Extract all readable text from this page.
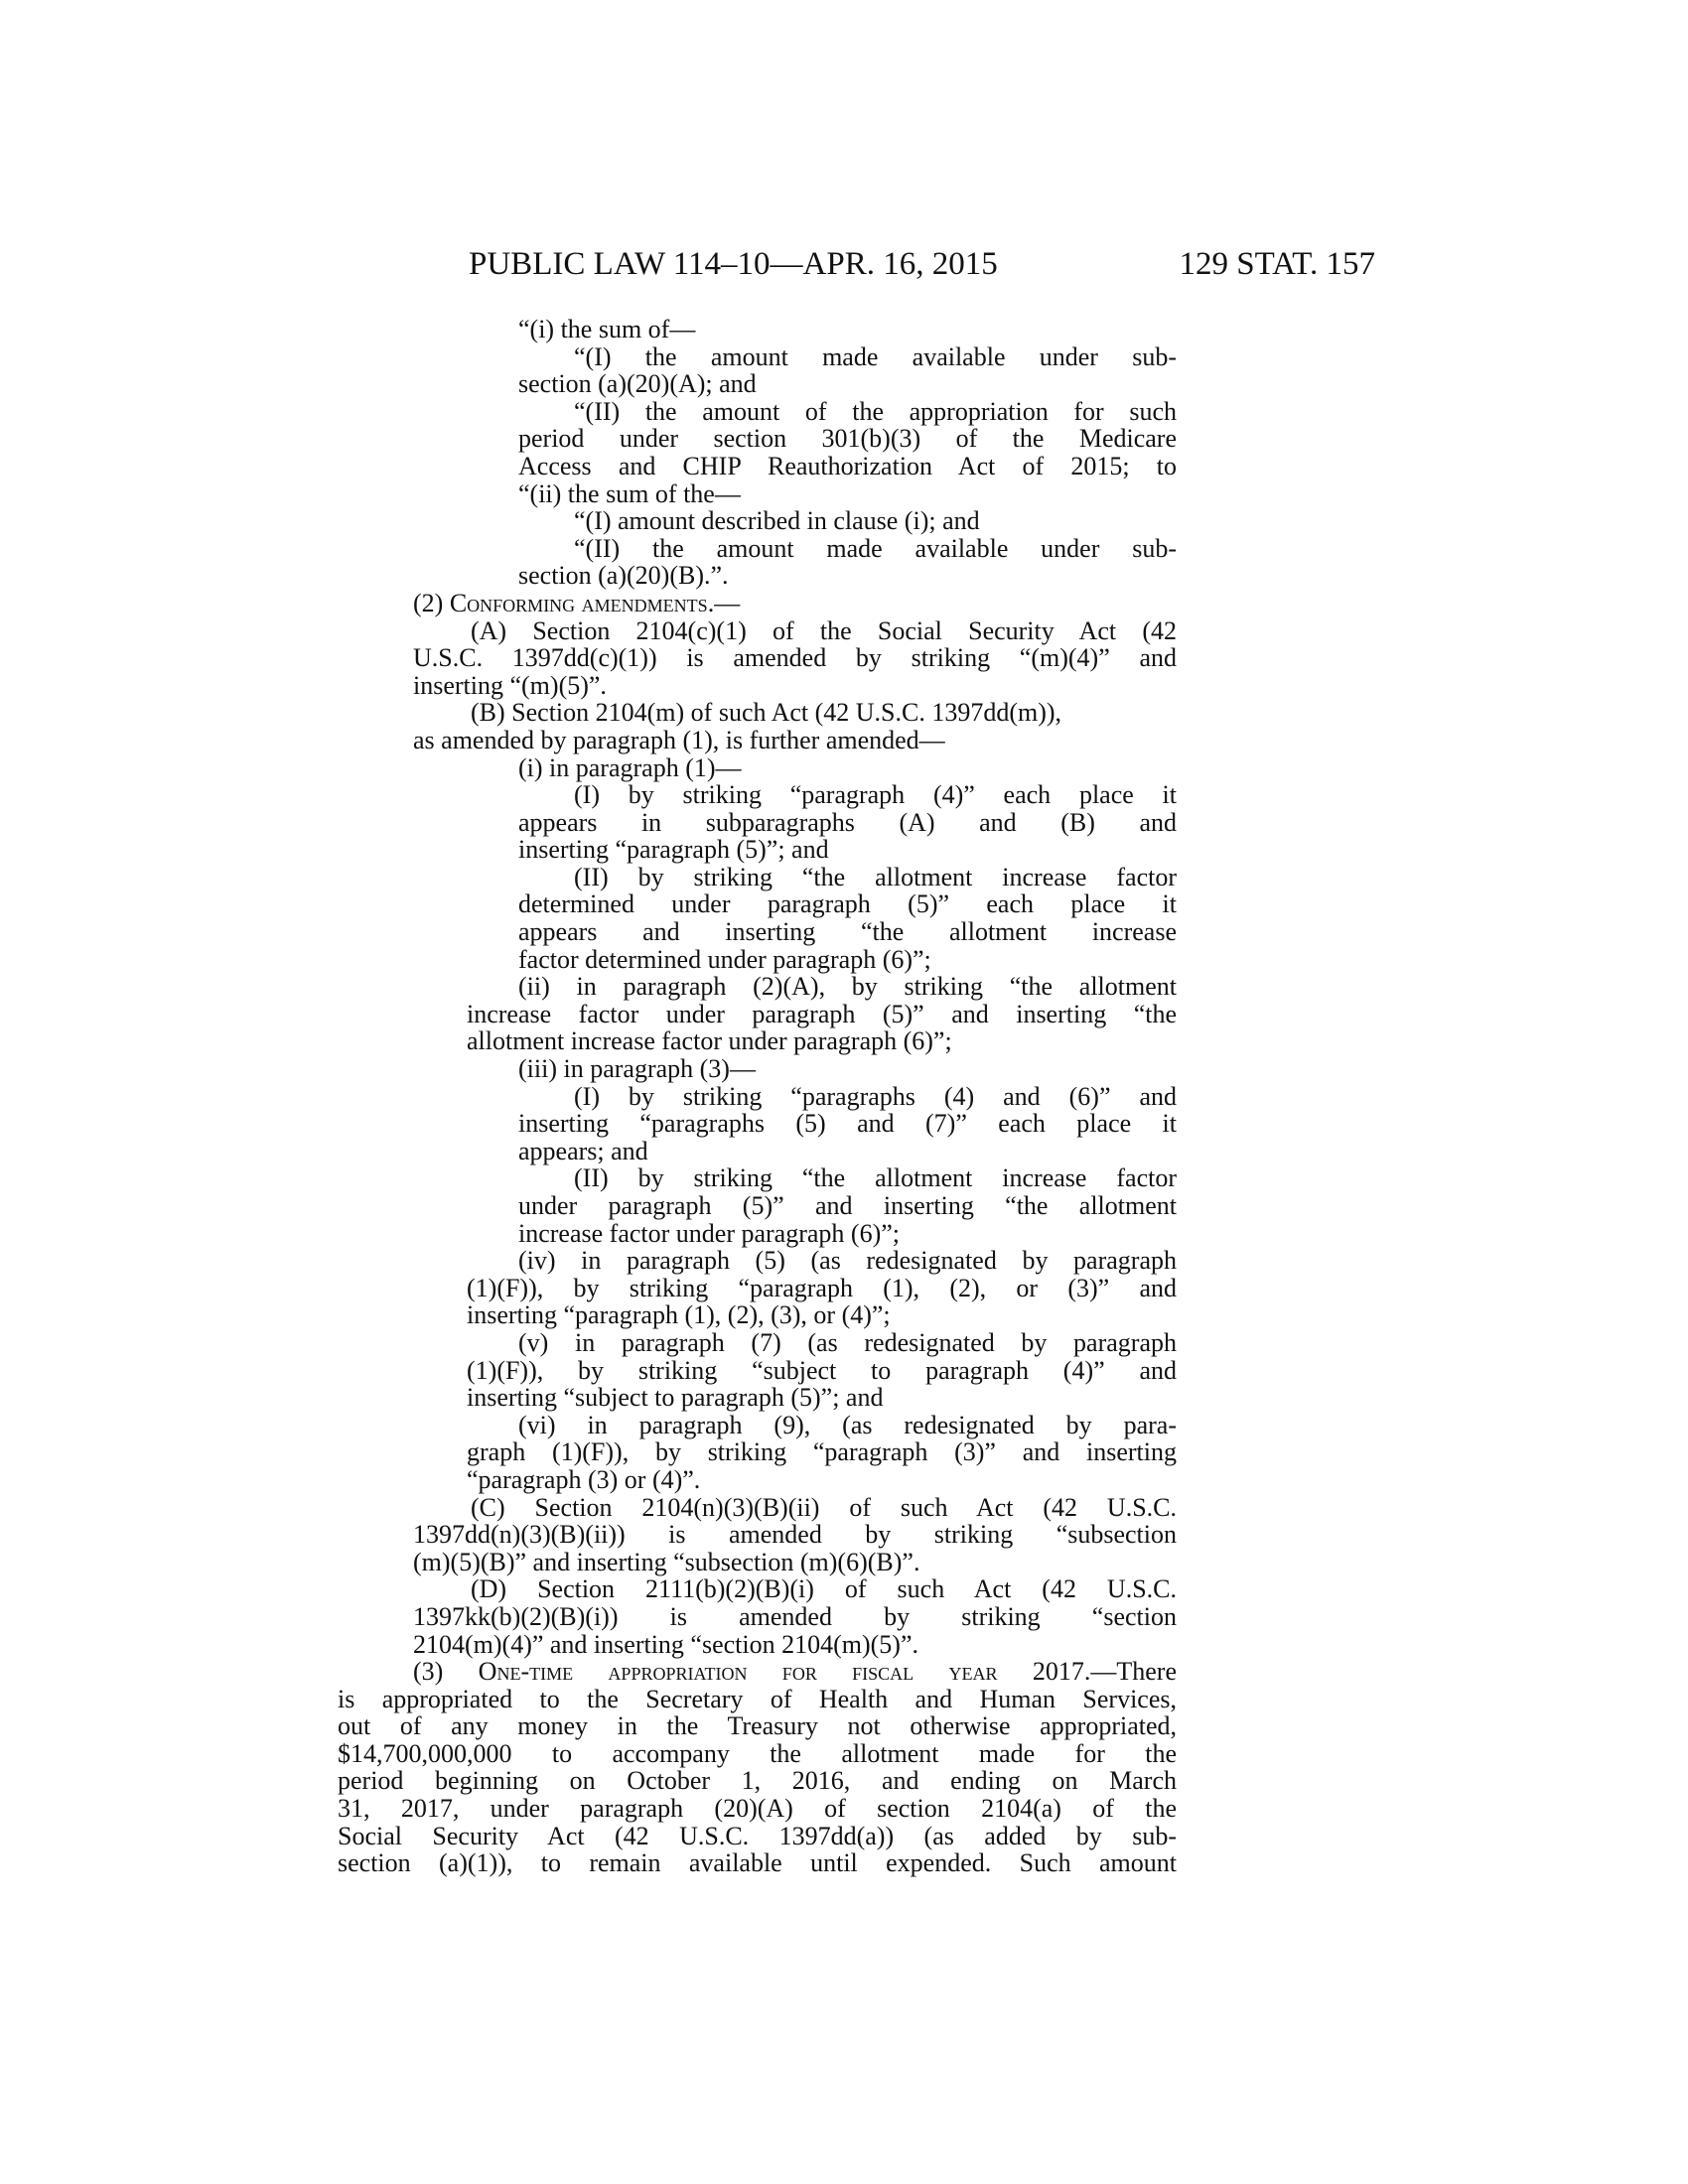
PUBLIC LAW 114–10—APR. 16, 2015	129 STAT. 157
“(i) the sum of—
“(I) the amount made available under sub-
section (a)(20)(A); and
“(II) the amount of the appropriation for such
period under section 301(b)(3) of the Medicare
Access and CHIP Reauthorization Act of 2015; to
“(ii) the sum of the—
“(I) amount described in clause (i); and
“(II) the amount made available under sub-
section (a)(20)(B).”.
(2) Conforming amendments.—
(A) Section 2104(c)(1) of the Social Security Act (42
U.S.C. 1397dd(c)(1)) is amended by striking “(m)(4)” and
inserting “(m)(5)”.
(B) Section 2104(m) of such Act (42 U.S.C. 1397dd(m)),
as amended by paragraph (1), is further amended—
(i) in paragraph (1)—
(I) by striking “paragraph (4)” each place it
appears in subparagraphs (A) and (B) and
inserting “paragraph (5)”; and
(II) by striking “the allotment increase factor
determined under paragraph (5)” each place it
appears and inserting “the allotment increase
factor determined under paragraph (6)”;
(ii) in paragraph (2)(A), by striking “the allotment
increase factor under paragraph (5)” and inserting “the
allotment increase factor under paragraph (6)”;
(iii) in paragraph (3)—
(I) by striking “paragraphs (4) and (6)” and
inserting “paragraphs (5) and (7)” each place it
appears; and
(II) by striking “the allotment increase factor
under paragraph (5)” and inserting “the allotment
increase factor under paragraph (6)”;
(iv) in paragraph (5) (as redesignated by paragraph
(1)(F)), by striking “paragraph (1), (2), or (3)” and
inserting “paragraph (1), (2), (3), or (4)”;
(v) in paragraph (7) (as redesignated by paragraph
(1)(F)), by striking “subject to paragraph (4)” and
inserting “subject to paragraph (5)”; and
(vi) in paragraph (9), (as redesignated by para-
graph (1)(F)), by striking “paragraph (3)” and inserting
“paragraph (3) or (4)”.
(C) Section 2104(n)(3)(B)(ii) of such Act (42 U.S.C.
1397dd(n)(3)(B)(ii)) is amended by striking “subsection
(m)(5)(B)” and inserting “subsection (m)(6)(B)”.
(D) Section 2111(b)(2)(B)(i) of such Act (42 U.S.C.
1397kk(b)(2)(B)(i)) is amended by striking “section
2104(m)(4)” and inserting “section 2104(m)(5)”.
(3) One-time appropriation for fiscal year 2017.—There
is appropriated to the Secretary of Health and Human Services,
out of any money in the Treasury not otherwise appropriated,
$14,700,000,000 to accompany the allotment made for the
period beginning on October 1, 2016, and ending on March
31, 2017, under paragraph (20)(A) of section 2104(a) of the
Social Security Act (42 U.S.C. 1397dd(a)) (as added by sub-
section (a)(1)), to remain available until expended. Such amount
